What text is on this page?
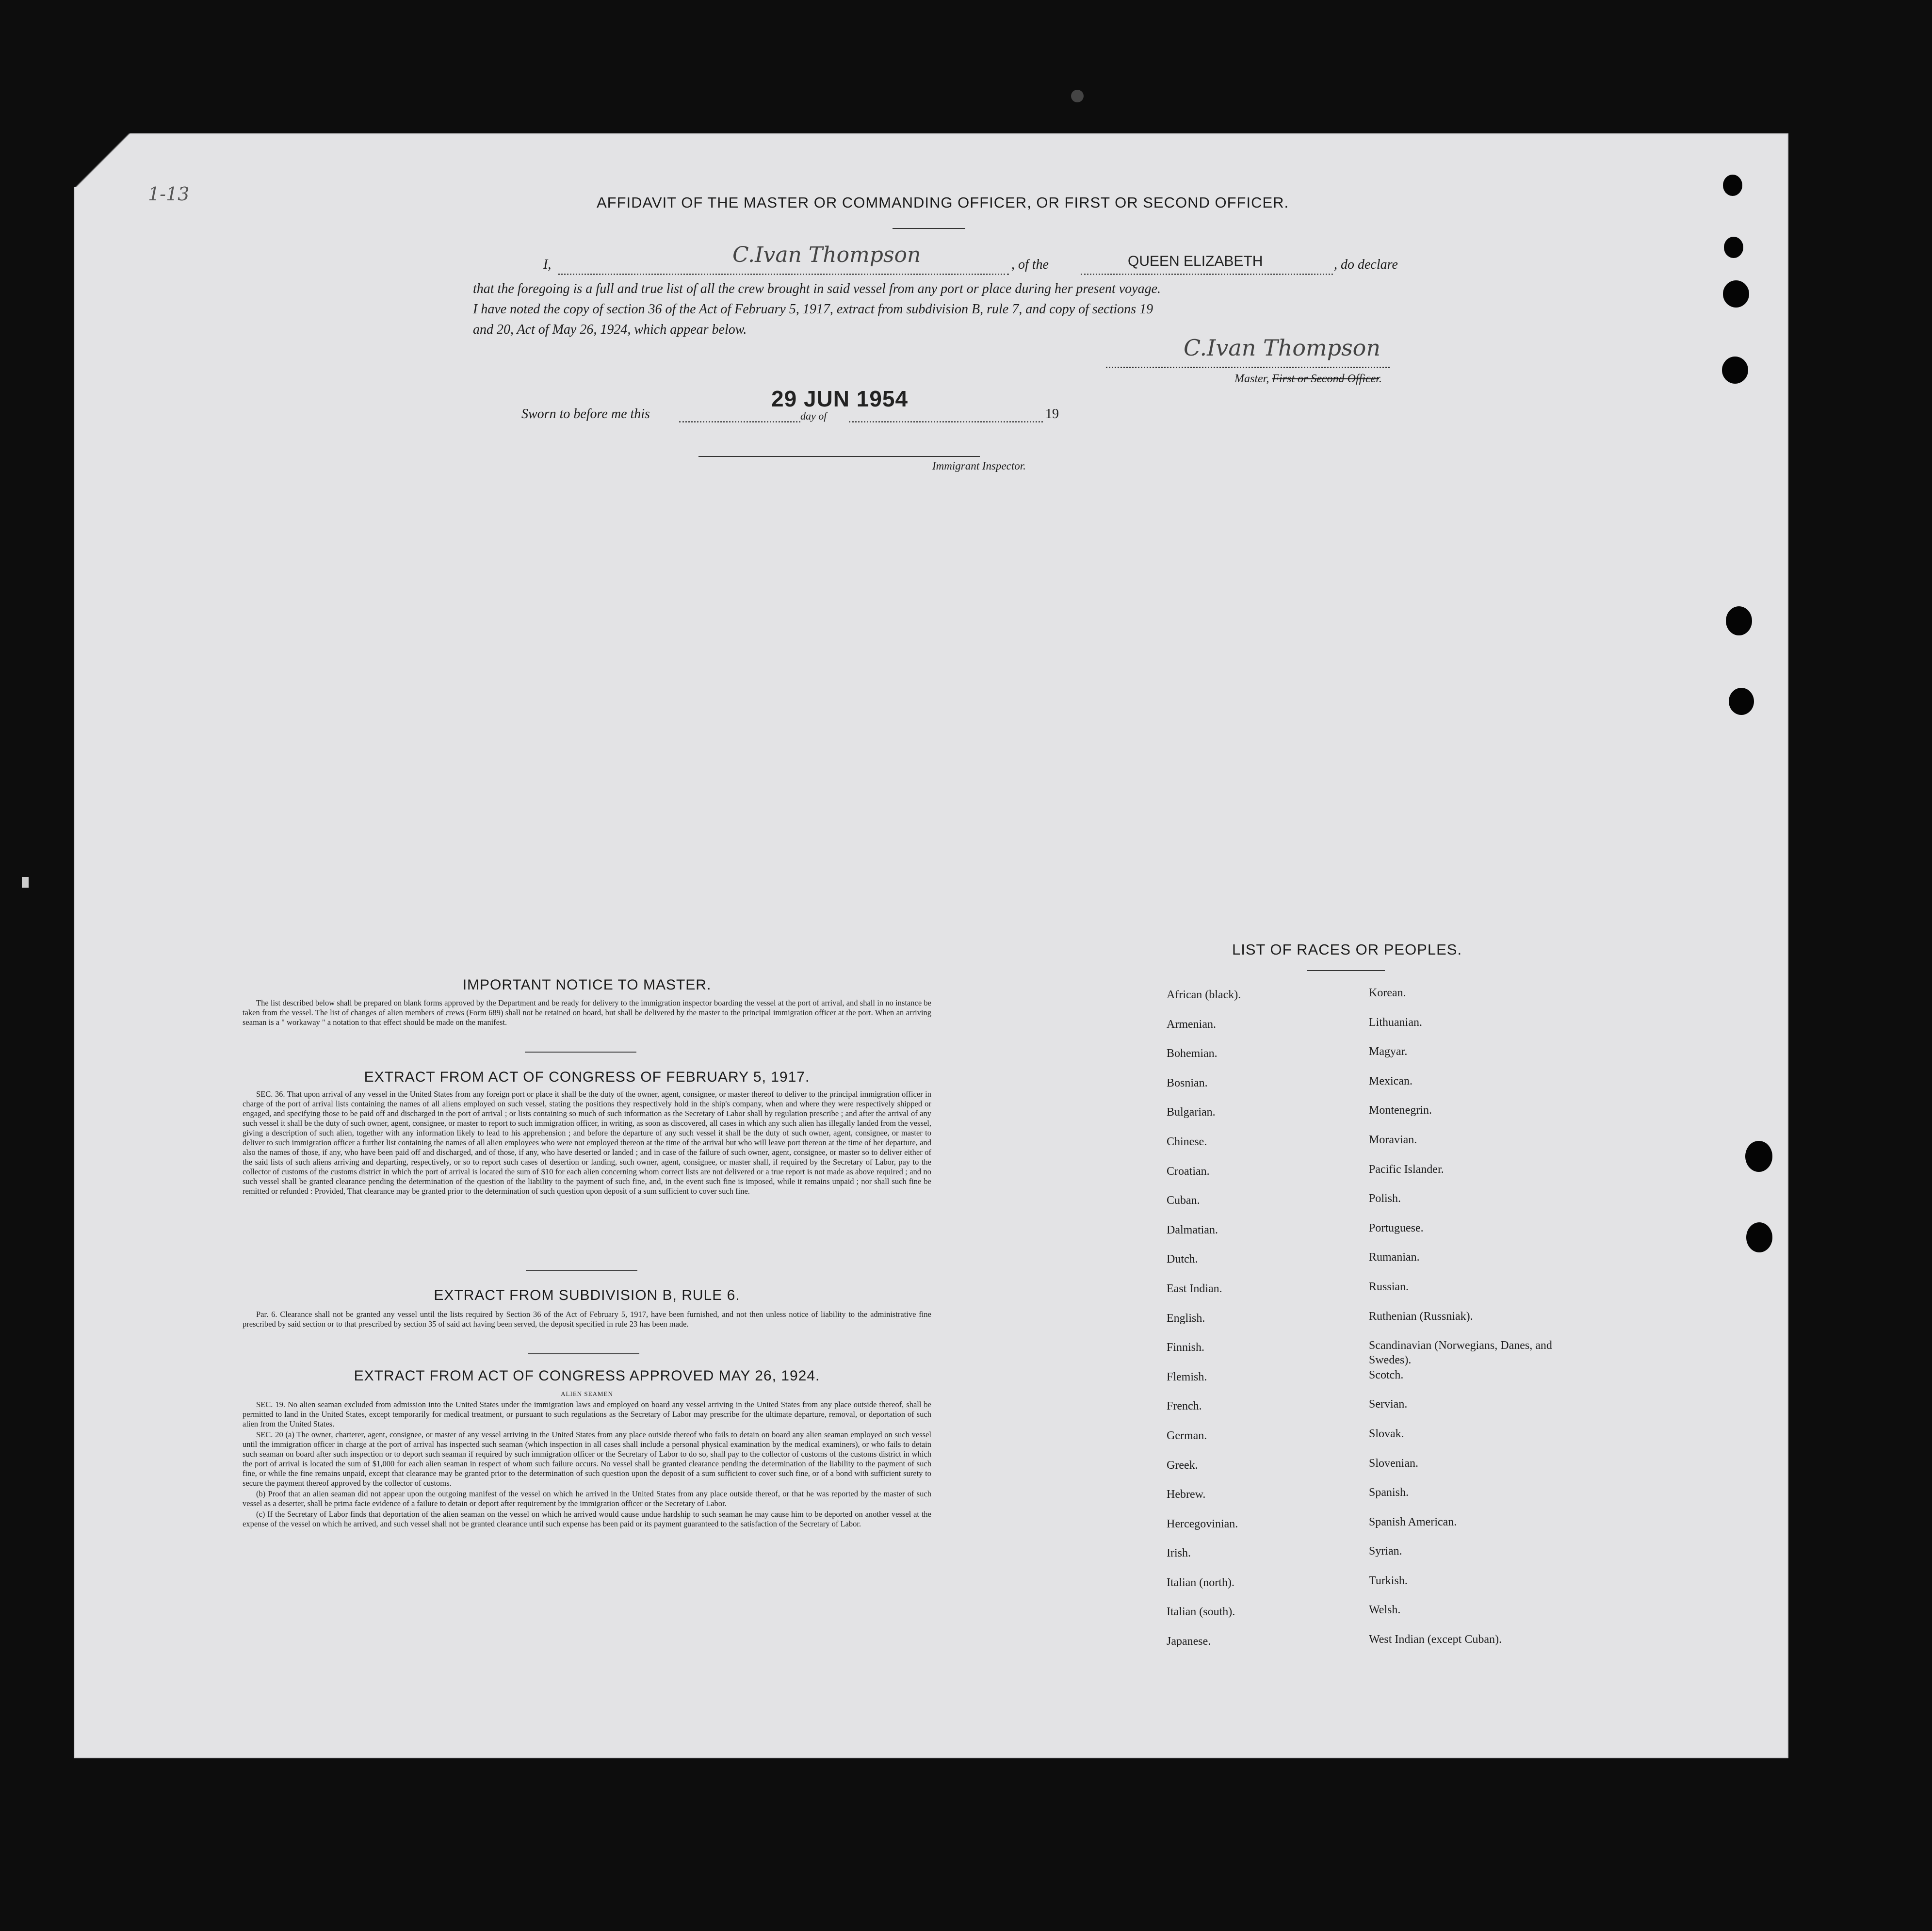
1-13	AFFIDAVIT OF THE MASTER OR COMMANDING OFFICER, OR FIRST OR SECOND OFFICER.
I,	C.Ivan Thompson	, of the	QUEEN ELIZABETH	, do declare
that the foregoing is a full and true list of all the crew brought in said vessel from any port or place during her present voyage.
I have noted the copy of section 36 of the Act of February 5, 1917, extract from subdivision B, rule 7, and copy of sections 19
and 20, Act of May 26, 1924, which appear below.
C.Ivan Thompson
Master, First or Second Officer.
Sworn to before me this
29 JUN 1954
day of	19
Immigrant Inspector.
IMPORTANT NOTICE TO MASTER.

The list described below shall be prepared on blank forms approved by the Department and be ready for delivery to the immigration inspector boarding the vessel at the port of arrival, and shall in no instance be taken from the vessel. The list of changes of alien members of crews (Form 689) shall not be retained on board, but shall be delivered by the master to the principal immigration officer at the port. When an arriving seaman is a " workaway " a notation to that effect should be made on the manifest.

EXTRACT FROM ACT OF CONGRESS OF FEBRUARY 5, 1917.

SEC. 36. That upon arrival of any vessel in the United States from any foreign port or place it shall be the duty of the owner, agent, consignee, or master thereof to deliver to the principal immigration officer in charge of the port of arrival lists containing the names of all aliens employed on such vessel, stating the positions they respectively hold in the ship's company, when and where they were respectively shipped or engaged, and specifying those to be paid off and discharged in the port of arrival ; or lists containing so much of such information as the Secretary of Labor shall by regulation prescribe ; and after the arrival of any such vessel it shall be the duty of such owner, agent, consignee, or master to report to such immigration officer, in writing, as soon as discovered, all cases in which any such alien has illegally landed from the vessel, giving a description of such alien, together with any information likely to lead to his apprehension ; and before the departure of any such vessel it shall be the duty of such owner, agent, consignee, or master to deliver to such immigration officer a further list containing the names of all alien employees who were not employed thereon at the time of the arrival but who will leave port thereon at the time of her departure, and also the names of those, if any, who have been paid off and discharged, and of those, if any, who have deserted or landed ; and in case of the failure of such owner, agent, consignee, or master so to deliver either of the said lists of such aliens arriving and departing, respectively, or so to report such cases of desertion or landing, such owner, agent, consignee, or master shall, if required by the Secretary of Labor, pay to the collector of customs of the customs district in which the port of arrival is located the sum of $10 for each alien concerning whom correct lists are not delivered or a true report is not made as above required ; and no such vessel shall be granted clearance pending the determination of the question of the liability to the payment of such fine, and, in the event such fine is imposed, while it remains unpaid ; nor shall such fine be remitted or refunded : Provided, That clearance may be granted prior to the determination of such question upon deposit of a sum sufficient to cover such fine.

EXTRACT FROM SUBDIVISION B, RULE 6.

Par. 6. Clearance shall not be granted any vessel until the lists required by Section 36 of the Act of February 5, 1917, have been furnished, and not then unless notice of liability to the administrative fine prescribed by said section or to that prescribed by section 35 of said act having been served, the deposit specified in rule 23 has been made.

EXTRACT FROM ACT OF CONGRESS APPROVED MAY 26, 1924.
ALIEN SEAMEN

SEC. 19. No alien seaman excluded from admission into the United States under the immigration laws and employed on board any vessel arriving in the United States from any place outside thereof, shall be permitted to land in the United States, except temporarily for medical treatment, or pursuant to such regulations as the Secretary of Labor may prescribe for the ultimate departure, removal, or deportation of such alien from the United States.

SEC. 20 (a) The owner, charterer, agent, consignee, or master of any vessel arriving in the United States from any place outside thereof who fails to detain on board any alien seaman employed on such vessel until the immigration officer in charge at the port of arrival has inspected such seaman (which inspection in all cases shall include a personal physical examination by the medical examiners), or who fails to detain such seaman on board after such inspection or to deport such seaman if required by such immigration officer or the Secretary of Labor to do so, shall pay to the collector of customs of the customs district in which the port of arrival is located the sum of $1,000 for each alien seaman in respect of whom such failure occurs. No vessel shall be granted clearance pending the determination of the liability to the payment of such fine, or while the fine remains unpaid, except that clearance may be granted prior to the determination of such question upon the deposit of a sum sufficient to cover such fine, or of a bond with sufficient surety to secure the payment thereof approved by the collector of customs.

(b) Proof that an alien seaman did not appear upon the outgoing manifest of the vessel on which he arrived in the United States from any place outside thereof, or that he was reported by the master of such vessel as a deserter, shall be prima facie evidence of a failure to detain or deport after requirement by the immigration officer or the Secretary of Labor.

(c) If the Secretary of Labor finds that deportation of the alien seaman on the vessel on which he arrived would cause undue hardship to such seaman he may cause him to be deported on another vessel at the expense of the vessel on which he arrived, and such vessel shall not be granted clearance until such expense has been paid or its payment guaranteed to the satisfaction of the Secretary of Labor.

LIST OF RACES OR PEOPLES.
African (black).
Armenian.
Bohemian.
Bosnian.
Bulgarian.
Chinese.
Croatian.
Cuban.
Dalmatian.
Dutch.
East Indian.
English.
Finnish.
Flemish.
French.
German.
Greek.
Hebrew.
Hercegovinian.
Irish.
Italian (north).
Italian (south).
Japanese.
Korean.
Lithuanian.
Magyar.
Mexican.
Montenegrin.
Moravian.
Pacific Islander.
Polish.
Portuguese.
Rumanian.
Russian.
Ruthenian (Russniak).
Scandinavian (Norwegians, Danes, and Swedes).
Scotch.
Servian.
Slovak.
Slovenian.
Spanish.
Spanish American.
Syrian.
Turkish.
Welsh.
West Indian (except Cuban).
